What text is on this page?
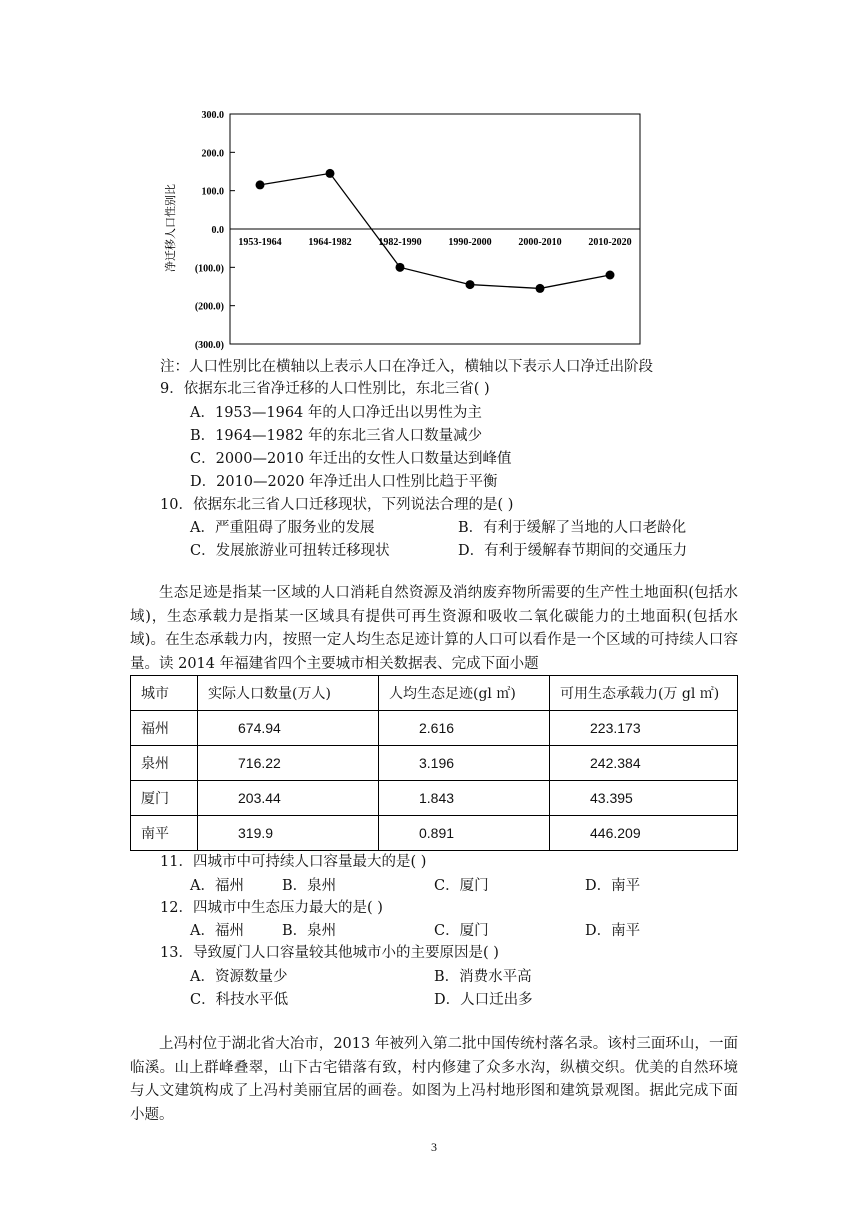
净迁移人口性别比
300.0
200.0
100.0
0.0
(100.0)
(200.0)
(300.0)
1953-1964	1964-1982	1982-1990	1990-2000	2000-2010	2010-2020
注：人口性别比在横轴以上表示人口在净迁入，横轴以下表示人口净迁出阶段
9．依据东北三省净迁移的人口性别比，东北三省( )
A．1953—1964 年的人口净迁出以男性为主
B．1964—1982 年的东北三省人口数量减少
C．2000—2010 年迁出的女性人口数量达到峰值
D．2010—2020 年净迁出人口性别比趋于平衡
10．依据东北三省人口迁移现状，下列说法合理的是( )
A．严重阻碍了服务业的发展	B．有利于缓解了当地的人口老龄化
C．发展旅游业可扭转迁移现状	D．有利于缓解春节期间的交通压力
生态足迹是指某一区域的人口消耗自然资源及消纳废弃物所需要的生产性土地面积(包括水域)，生态承载力是指某一区域具有提供可再生资源和吸收二氧化碳能力的土地面积(包括水域)。在生态承载力内，按照一定人均生态足迹计算的人口可以看作是一个区域的可持续人口容量。读 2014 年福建省四个主要城市相关数据表、完成下面小题
城市	实际人口数量(万人)	人均生态足迹(gl ㎡)	可用生态承载力(万 gl ㎡)
福州	674.94	2.616	223.173
泉州	716.22	3.196	242.384
厦门	203.44	1.843	43.395
南平	319.9	0.891	446.209
11．四城市中可持续人口容量最大的是( )
A．福州	B．泉州	C．厦门	D．南平
12．四城市中生态压力最大的是( )
A．福州	B．泉州	C．厦门	D．南平
13．导致厦门人口容量较其他城市小的主要原因是( )
A．资源数量少	B．消费水平高
C．科技水平低	D．人口迁出多
上冯村位于湖北省大冶市，2013 年被列入第二批中国传统村落名录。该村三面环山，一面临溪。山上群峰叠翠，山下古宅错落有致，村内修建了众多水沟，纵横交织。优美的自然环境与人文建筑构成了上冯村美丽宜居的画卷。如图为上冯村地形图和建筑景观图。据此完成下面小题。
3
